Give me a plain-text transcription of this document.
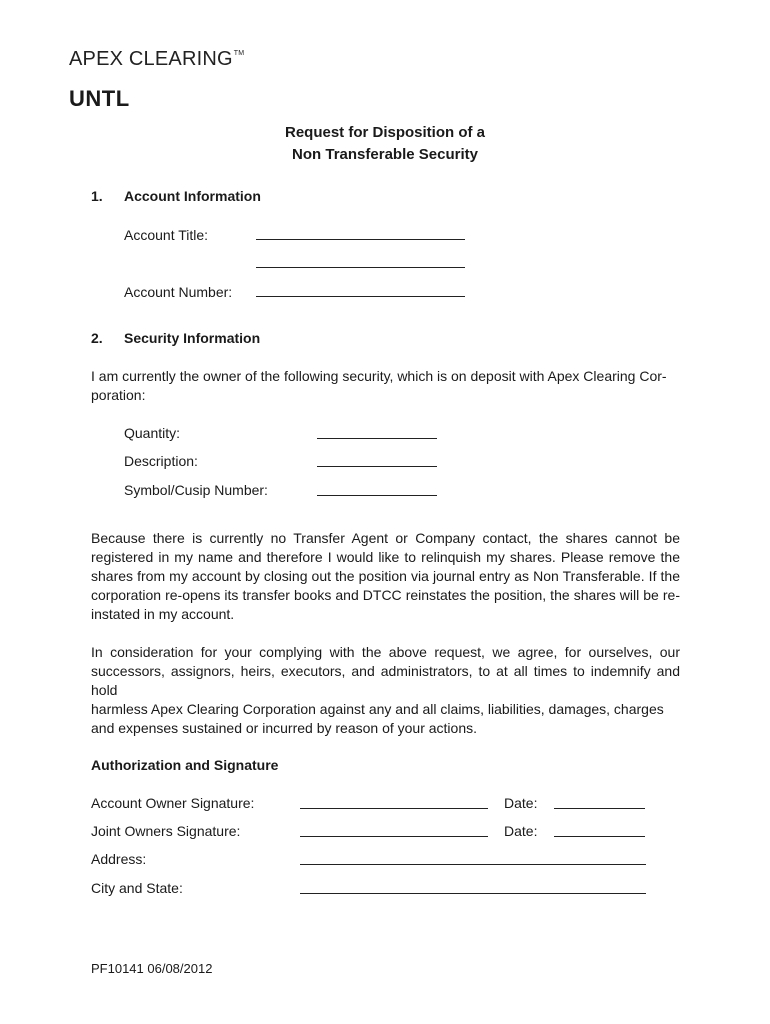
APEX CLEARING™
UNTL
Request for Disposition of a
Non Transferable Security
1. Account Information
Account Title:
Account Number:
2. Security Information
I am currently the owner of the following security, which is on deposit with Apex Clearing Cor-
poration:
Quantity:
Description:
Symbol/Cusip Number:
Because there is currently no Transfer Agent or Company contact, the shares cannot be
registered in my name and therefore I would like to relinquish my shares. Please remove the
shares from my account by closing out the position via journal entry as Non Transferable. If the
corporation re-opens its transfer books and DTCC reinstates the position, the shares will be re-
instated in my account.
In consideration for your complying with the above request, we agree, for ourselves, our
successors, assignors, heirs, executors, and administrators, to at all times to indemnify and hold
harmless Apex Clearing Corporation against any and all claims, liabilities, damages, charges
and expenses sustained or incurred by reason of your actions.
Authorization and Signature
Account Owner Signature:	Date:
Joint Owners Signature:	Date:
Address:
City and State:
PF10141 06/08/2012
